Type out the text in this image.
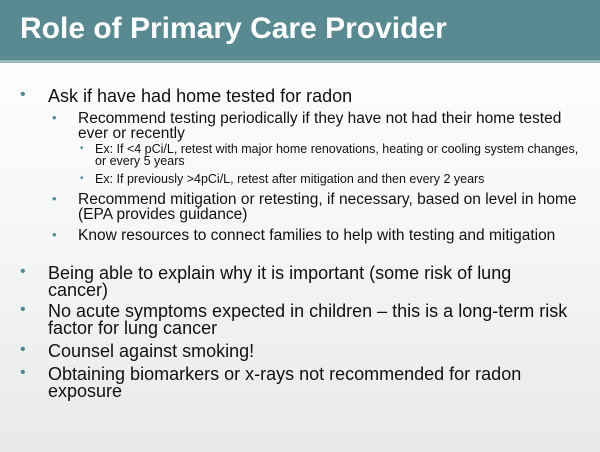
Role of Primary Care Provider
• Ask if have had home tested for radon
• Recommend testing periodically if they have not had their home tested ever or recently
• Ex: If <4 pCi/L, retest with major home renovations, heating or cooling system changes, or every 5 years
• Ex: If previously >4pCi/L, retest after mitigation and then every 2 years
• Recommend mitigation or retesting, if necessary, based on level in home (EPA provides guidance)
• Know resources to connect families to help with testing and mitigation
• Being able to explain why it is important (some risk of lung cancer)
• No acute symptoms expected in children – this is a long-term risk factor for lung cancer
• Counsel against smoking!
• Obtaining biomarkers or x-rays not recommended for radon exposure
